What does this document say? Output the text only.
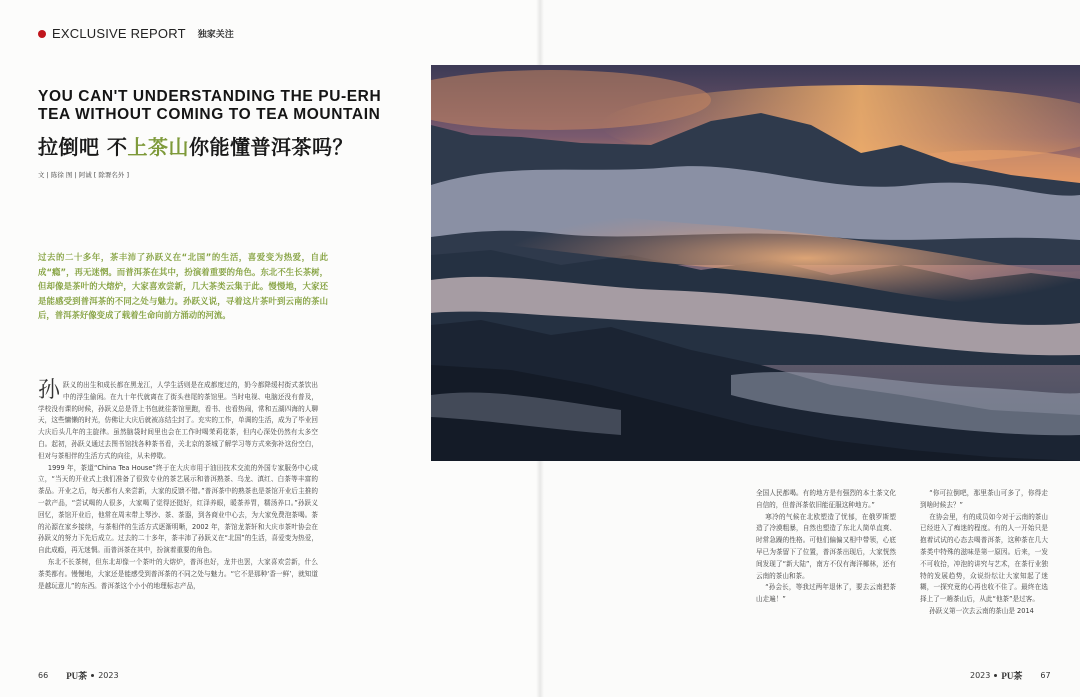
EXCLUSIVE REPORT 独家关注
YOU CAN'T UNDERSTANDING THE PU-ERH
TEA WITHOUT COMING TO TEA MOUNTAIN
拉倒吧 不上茶山你能懂普洱茶吗？
文 | 陈徐 图 | 阿诚 [ 除署名外 ]
过去的二十多年，茶丰沛了孙跃义在“北国”的生活，喜爱变为热爱，自此成“瘾”，再无迷惘。而普洱茶在其中，扮演着重要的角色。东北不生长茶树，但却像是茶叶的大熔炉，大家喜欢尝新，几大茶类云集于此。慢慢地，大家还是能感受到普洱茶的不同之处与魅力。孙跃义说，寻着这片茶叶到云南的茶山后，普洱茶好像变成了载着生命向前方涌动的河流。

孙跃义的出生和成长都在黑龙江，人学生活则是在成都度过的，奶今都降缓村街式茶饮出中的浮生偷闲。在九十年代就离在了街头巷尾的茶馆里。当时电视、电脑还没有普及，学校没有课的时候，孙跃义总是背上书包就往茶馆里跑，看书、也看热闹，常和五湖四海的人聊天，这些慵懒的时光，仿佛让大庆后就被冻结尘封了。充实的工作，单调的生活，成为了毕业回大庆后头几年的主旋律。虽然脑袋时间里也会在工作时喝茉莉花茶，但内心深处仍然有太多空白。起初，孙跃义通过去图书馆找各种茶书看，关北京的茶城了解学习等方式来弥补这份空白，但对与茶相伴的生活方式的向往，从未停歇。

1999 年，茶道“China Tea House”终于在大庆市用于油田技术交流的外国专家服务中心成立，“当天的开业式上我们准备了很致专业的茶艺展示和普洱熟茶、乌龙、滇红、白茶等丰富的茶品。开业之后，每天都有人来尝新，大家的反馈不错。”普洱茶中的熟茶也是茶馆开业后主推的一款产品，“尝试喝的人很多，大家喝了觉得还挺好，红泽养眼，暖茶养胃，糯汤养口。”孙跃义回忆，茶馆开业后，他常在周末带上琴沙、茶、茶器，到各商业中心去，为大家免费泡茶喝。茶的沁源在家乡接续，与茶相伴的生活方式逐渐明晰，2002 年，茶馆龙茶轩和大庆市茶叶协会在孙跃义的努力下先后成立。过去的二十多年，茶丰沛了孙跃义在“北国”的生活，喜爱变为热爱，自此成瘾，再无迷惘。而普洱茶在其中，扮演着重要的角色。

东北不长茶树，但东北却像一个茶叶的大熔炉，普洱也好，龙井也罢，大家喜欢尝新，什么茶类都有。慢慢地，大家还是能感受到普洱茶的不同之处与魅力。“它不是那种‘香一鲜’，就知道是越玩意儿”的东西。普洱茶这个小小的地理标志产品，

全国人民都喝。有的地方是有强烈的本土茶文化自信的，但普洱茶依旧能征服这种地方。”

寒冷的气候在北欧塑造了忧郁，在俄罗斯塑造了冷漠粗暴，自然也塑造了东北人简单直爽、时常急躁的性格。可他们偏偏又相中带领，心底早已为茶留下了位置，普洱茶出现后，大家恍然间发现了“新大陆”，南方不仅有海洋椰林，还有云南的茶山和茶。

“孙会长，等我过两年退休了，要去云南把茶山走遍！”

“你可拉倒吧，那里茶山可多了，你得走到啥时候去？”

在协会里，有的成员如今对于云南的茶山已经进入了痴迷的程度。有的人一开始只是抱着试试的心态去喝普洱茶，这种茶在几大茶类中特殊的滋味是第一原因。后来，一发不可收拾，冲泡的讲究与艺术，在茶行业独特的发展趋势，众说纷纭让大家知起了迷糊，一探究竟的心再也收不住了。最终在选择上了一趟茶山后，从此“他茶”是过客。

孙跃义第一次去云南的茶山是 2014

66 PU茶 2023	2023 PU茶 67
